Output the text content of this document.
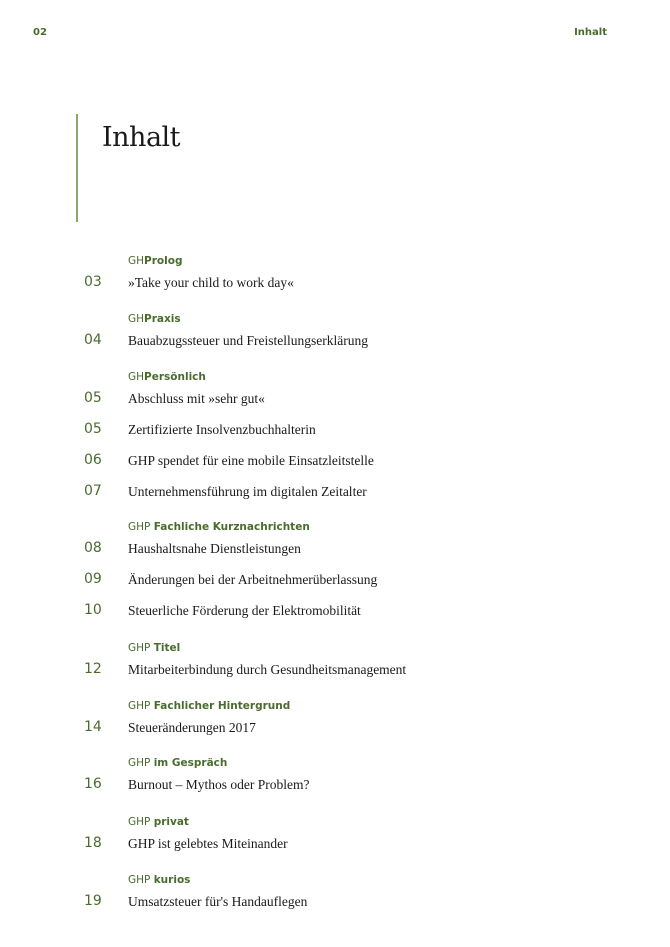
02	Inhalt
Inhalt
GHProlog
03 »Take your child to work day«
GHPraxis
04 Bauabzugssteuer und Freistellungserklärung
GHPersönlich
05 Abschluss mit »sehr gut«
05 Zertifizierte Insolvenzbuchhalterin
06 GHP spendet für eine mobile Einsatzleitstelle
07 Unternehmensführung im digitalen Zeitalter
GHP Fachliche Kurznachrichten
08 Haushaltsnahe Dienstleistungen
09 Änderungen bei der Arbeitnehmerüberlassung
10 Steuerliche Förderung der Elektromobilität
GHP Titel
12 Mitarbeiterbindung durch Gesundheitsmanagement
GHP Fachlicher Hintergrund
14 Steueränderungen 2017
GHP im Gespräch
16 Burnout – Mythos oder Problem?
GHP privat
18 GHP ist gelebtes Miteinander
GHP kurios
19 Umsatzsteuer für's Handauflegen
